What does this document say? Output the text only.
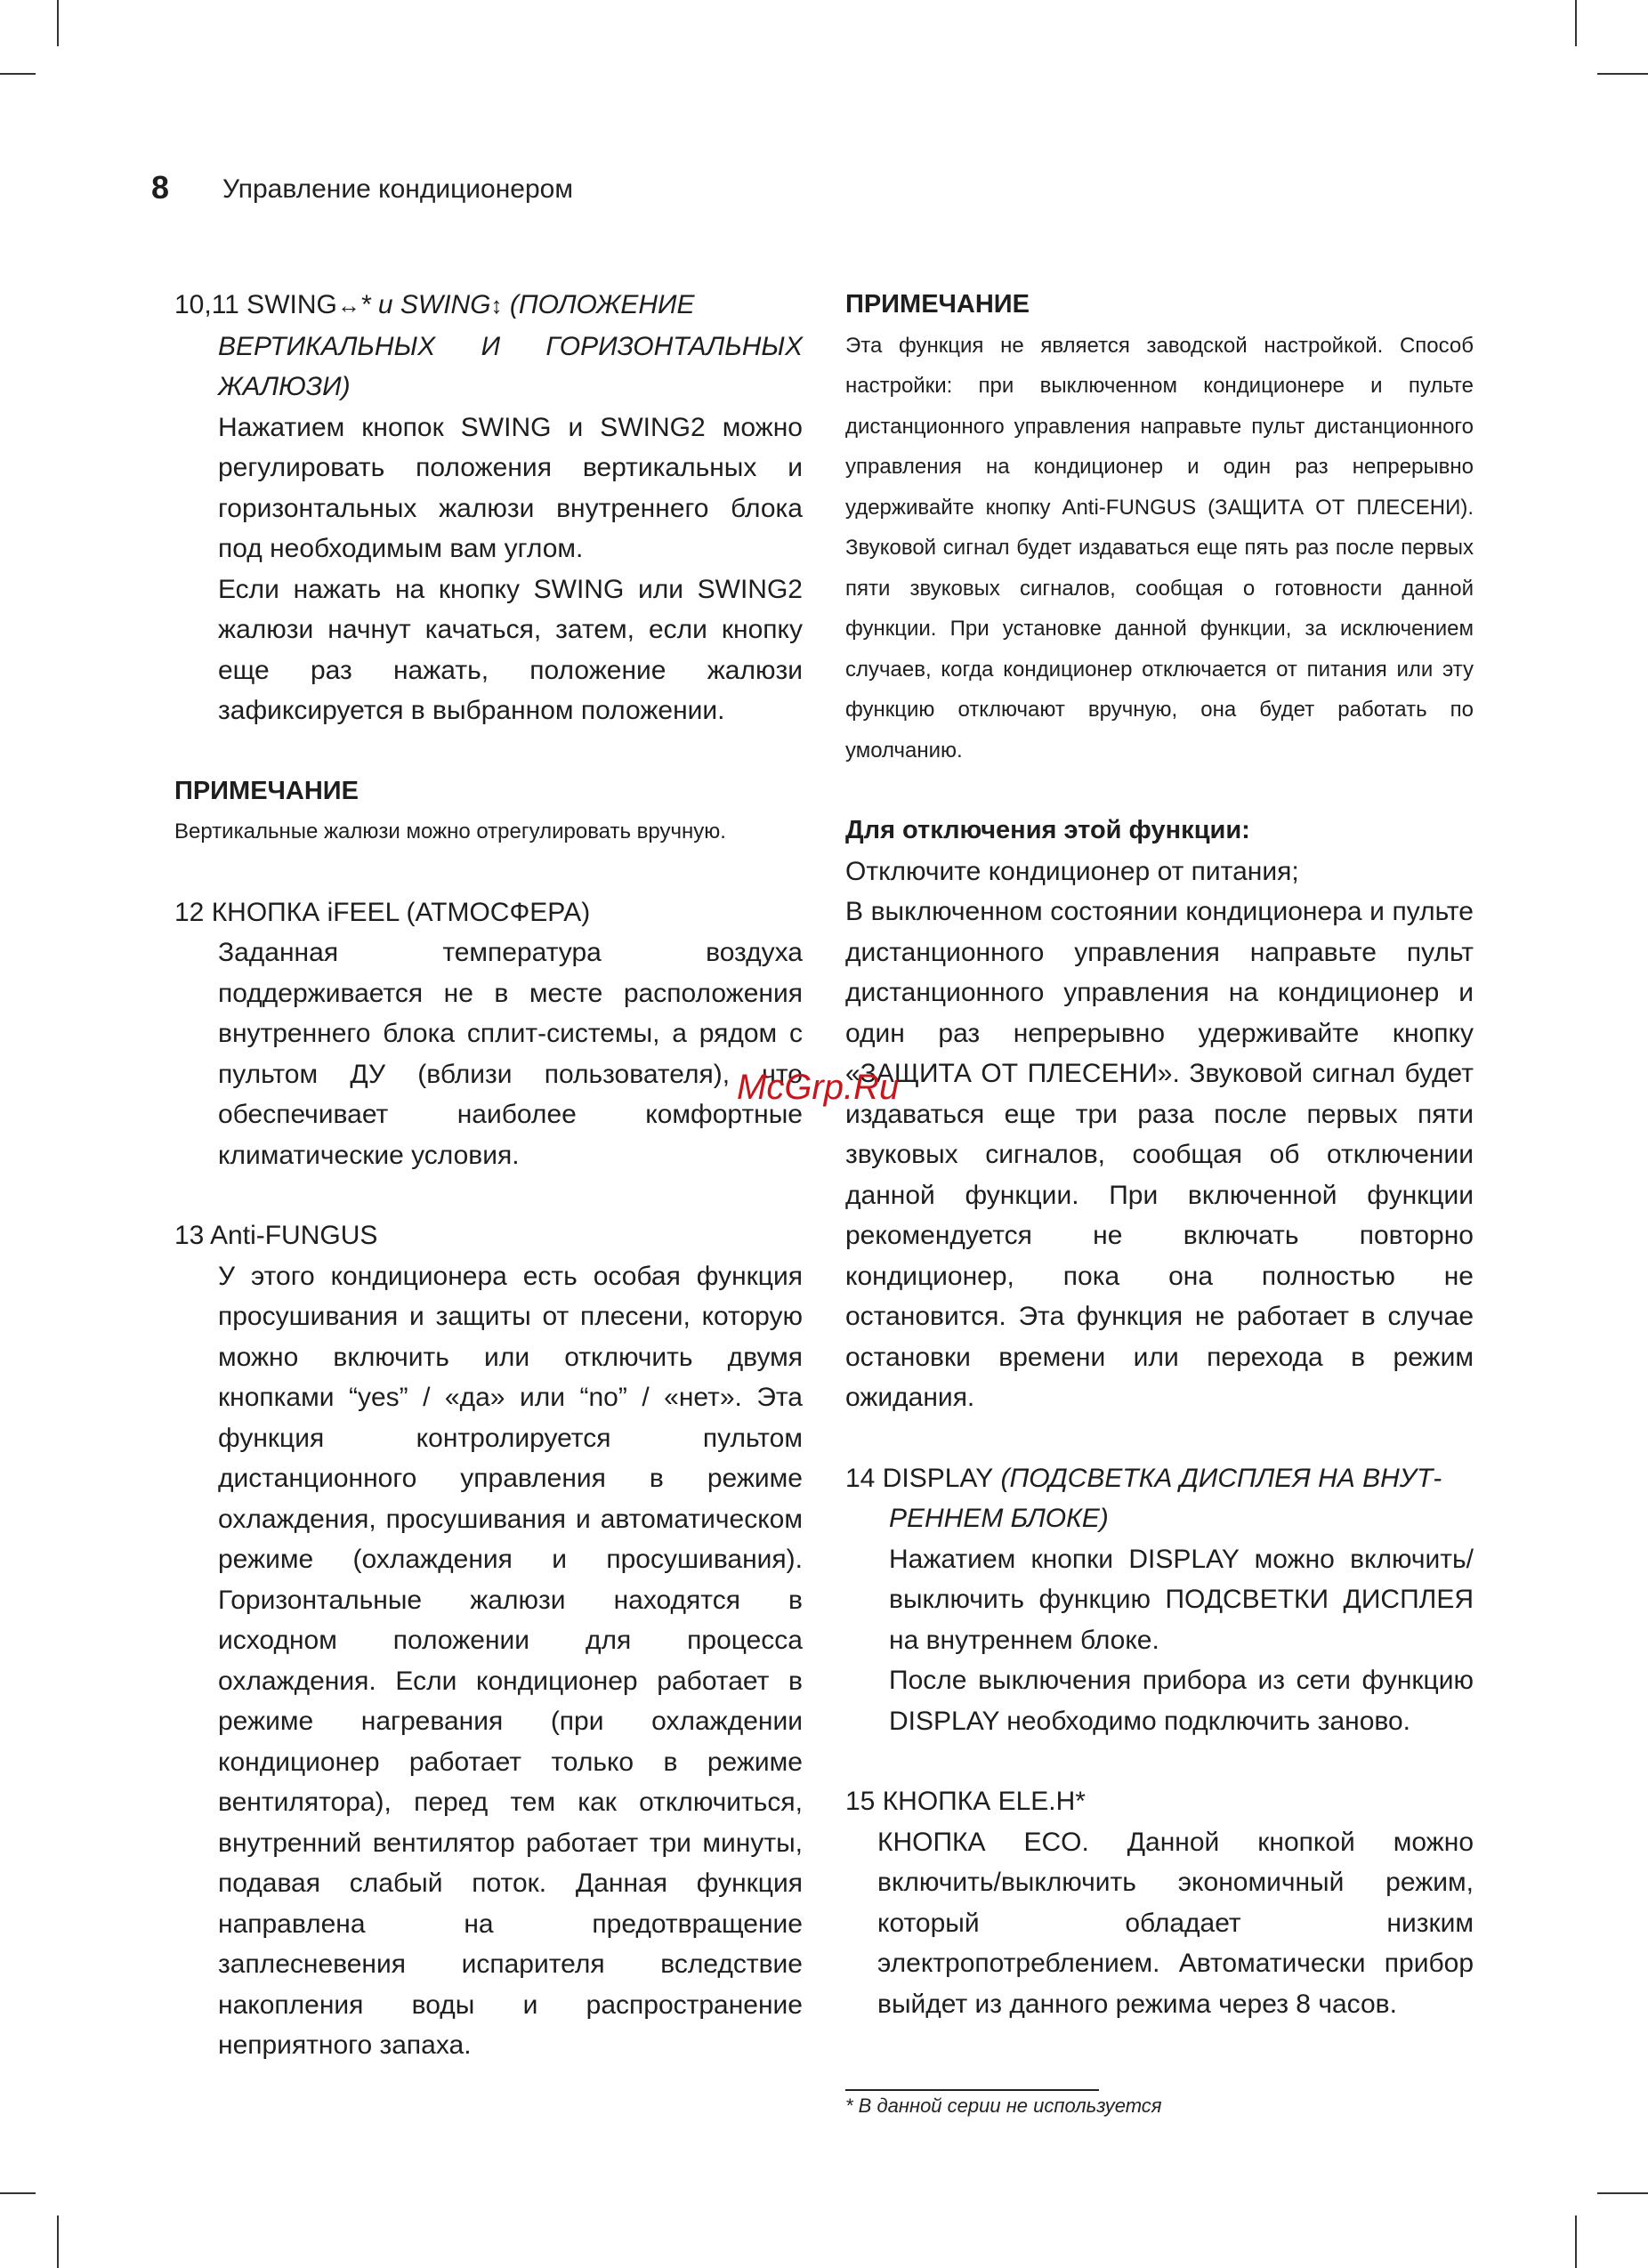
8 Управление кондиционером

10,11 SWING↔* и SWING↕ (ПОЛОЖЕНИЕ

ВЕРТИКАЛЬНЫХ И ГОРИЗОНТАЛЬНЫХ

ЖАЛЮЗИ)

Нажатием кнопок SWING и SWING2 можно регулировать положения вертикальных и горизонтальных жалюзи внутреннего блока под необходимым вам углом.

Если нажать на кнопку SWING или SWING2 жалюзи начнут качаться, затем, если кнопку еще раз нажать, положение жалюзи зафиксируется в выбранном положении.

ПРИМЕЧАНИЕ

Вертикальные жалюзи можно отрегулировать вручную.

12 КНОПКА iFEEL (АТМОСФЕРА)

Заданная температура воздуха поддерживается не в месте расположения внутреннего блока сплит-системы, а рядом с пультом ДУ (вблизи пользователя), что обеспечивает наиболее комфортные климатические условия.

13 Anti-FUNGUS

У этого кондиционера есть особая функция просушивания и защиты от плесени, которую можно включить или отключить двумя кнопками “yes” / «да» или “no” / «нет». Эта функция контролируется пультом дистанционного управления в режиме охлаждения, просушивания и автоматическом режиме (охлаждения и просушивания). Горизонтальные жалюзи находятся в исходном положении для процесса охлаждения. Если кондиционер работает в режиме нагревания (при охлаждении кондиционер работает только в режиме вентилятора), перед тем как отключиться, внутренний вентилятор работает три минуты, подавая слабый поток. Данная функция направлена на предотвращение заплесневения испарителя вследствие накопления воды и распространение неприятного запаха.

ПРИМЕЧАНИЕ

Эта функция не является заводской настройкой. Способ настройки: при выключенном кондиционере и пульте дистанционного управления направьте пульт дистанционного управления на кондиционер и один раз непрерывно удерживайте кнопку Anti-FUNGUS (ЗАЩИТА ОТ ПЛЕСЕНИ). Звуковой сигнал будет издаваться еще пять раз после первых пяти звуковых сигналов, сообщая о готовности данной функции. При установке данной функции, за исключением случаев, когда кондиционер отключается от питания или эту функцию отключают вручную, она будет работать по умолчанию.

Для отключения этой функции:

Отключите кондиционер от питания;

В выключенном состоянии кондиционера и пульте дистанционного управления направьте пульт дистанционного управления на кондиционер и один раз непрерывно удерживайте кнопку «ЗАЩИТА ОТ ПЛЕСЕНИ». Звуковой сигнал будет издаваться еще три раза после первых пяти звуковых сигналов, сообщая об отключении данной функции. При включенной функции рекомендуется не включать повторно кондиционер, пока она полностью не остановится. Эта функция не работает в случае остановки времени или перехода в режим ожидания.

14 DISPLAY (ПОДСВЕТКА ДИСПЛЕЯ НА ВНУТ-

РЕННЕМ БЛОКЕ)

Нажатием кнопки DISPLAY можно включить/выключить функцию ПОДСВЕТКИ ДИСПЛЕЯ на внутреннем блоке.

После выключения прибора из сети функцию DISPLAY необходимо подключить заново.

15 КНОПКА ELE.H*

КНОПКА ECO. Данной кнопкой можно включить/выключить экономичный режим, который обладает низким электропотреблением. Автоматически прибор выйдет из данного режима через 8 часов.

* В данной серии не используется
McGrp.Ru
